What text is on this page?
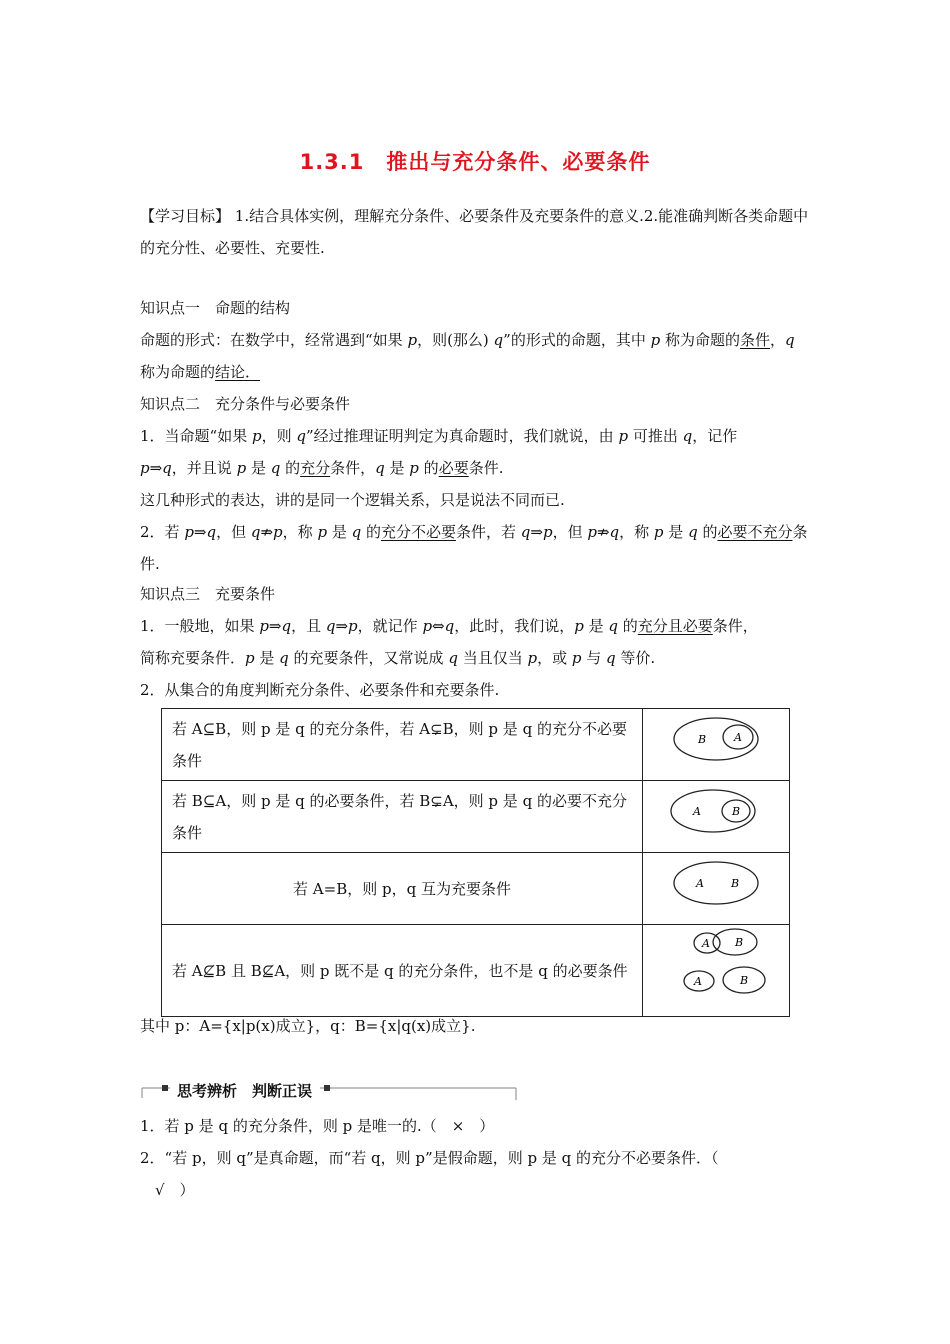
1.3.1　推出与充分条件、必要条件
【学习目标】 1.结合具体实例，理解充分条件、必要条件及充要条件的意义.2.能准确判断各类命题中的充分性、必要性、充要性.
知识点一　命题的结构
命题的形式：在数学中，经常遇到“如果 p，则(那么) q”的形式的命题，其中 p 称为命题的条件，q 称为命题的结论．
知识点二　充分条件与必要条件
1．当命题“如果 p，则 q”经过推理证明判定为真命题时，我们就说，由 p 可推出 q，记作
p⇒q，并且说 p 是 q 的充分条件，q 是 p 的必要条件.
这几种形式的表达，讲的是同一个逻辑关系，只是说法不同而已.
2．若 p⇒q，但 q⇏p，称 p 是 q 的充分不必要条件，若 q⇒p，但 p⇏q，称 p 是 q 的必要不充分条件.
知识点三　充要条件
1．一般地，如果 p⇒q，且 q⇒p，就记作 p⇔q，此时，我们说，p 是 q 的充分且必要条件，
简称充要条件．p 是 q 的充要条件，又常说成 q 当且仅当 p，或 p 与 q 等价.
2．从集合的角度判断充分条件、必要条件和充要条件.
若 A⊆B，则 p 是 q 的充分条件，若 A⊊B，则 p 是 q 的充分不必要条件	B A

若 B⊆A，则 p 是 q 的必要条件，若 B⊊A，则 p 是 q 的必要不充分条件	A B

若 A=B，则 p，q 互为充要条件	A B

若 A⊈B 且 B⊈A，则 p 既不是 q 的充分条件，也不是 q 的必要条件	A B
A B
其中 p：A={x|p(x)成立}，q：B={x|q(x)成立}.
思考辨析　判断正误
1．若 p 是 q 的充分条件，则 p 是唯一的.（　×　）
2．“若 p，则 q”是真命题，而“若 q，则 p”是假命题，则 p 是 q 的充分不必要条件．（
　√　）
